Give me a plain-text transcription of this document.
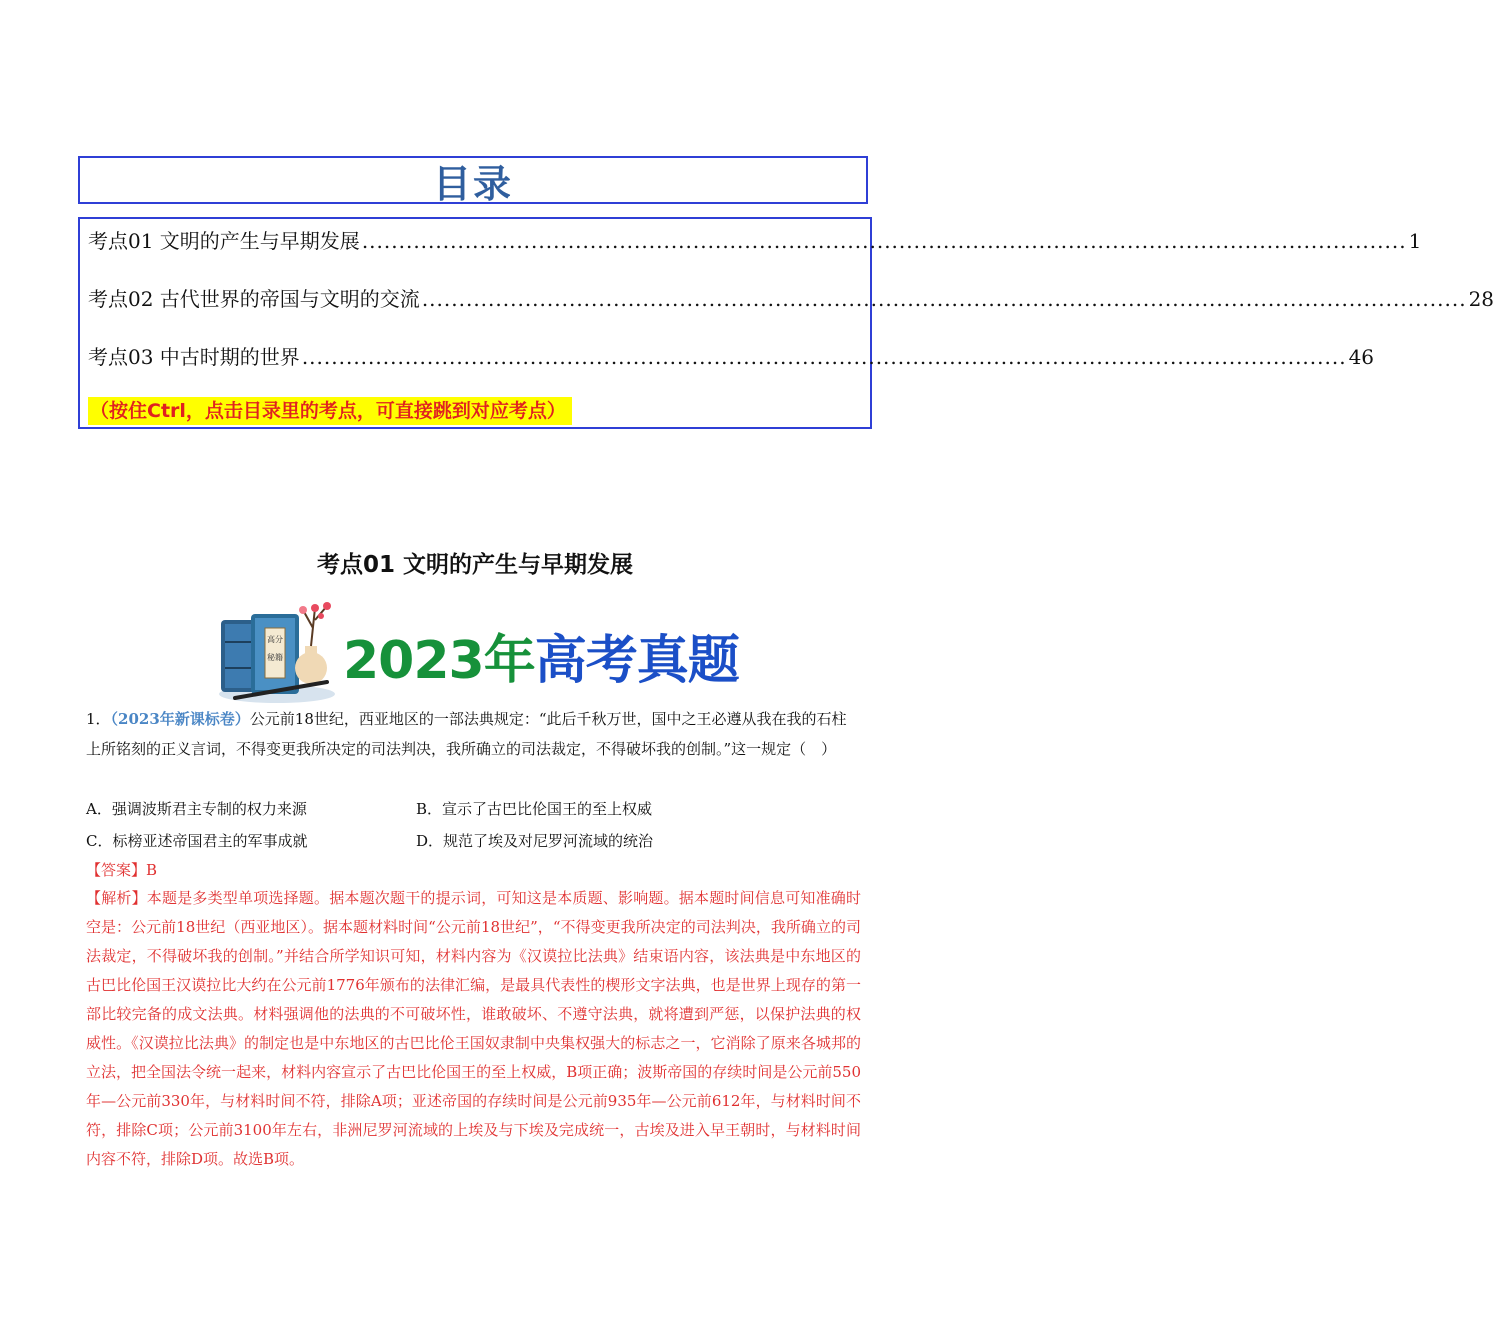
目录
考点01 文明的产生与早期发展 .............................................................................................................................................. 1
考点02 古代世界的帝国与文明的交流 .............................................................................................................................................. 28
考点03 中古时期的世界 .............................................................................................................................................. 46
（按住Ctrl，点击目录里的考点，可直接跳到对应考点）
考点01 文明的产生与早期发展
高分
秘籍 2023年高考真题
1．（2023年新课标卷）公元前18世纪，西亚地区的一部法典规定：“此后千秋万世，国中之王必遵从我在我的石柱上所铭刻的正义言词，不得变更我所决定的司法判决，我所确立的司法裁定，不得破坏我的创制。”这一规定（　）
A．强调波斯君主专制的权力来源	B．宣示了古巴比伦国王的至上权威
C．标榜亚述帝国君主的军事成就	D．规范了埃及对尼罗河流域的统治
【答案】B
【解析】本题是多类型单项选择题。据本题次题干的提示词，可知这是本质题、影响题。据本题时间信息可知准确时空是：公元前18世纪（西亚地区）。据本题材料时间“公元前18世纪”，“不得变更我所决定的司法判决，我所确立的司法裁定，不得破坏我的创制。”并结合所学知识可知，材料内容为《汉谟拉比法典》结束语内容，该法典是中东地区的古巴比伦国王汉谟拉比大约在公元前1776年颁布的法律汇编，是最具代表性的楔形文字法典，也是世界上现存的第一部比较完备的成文法典。材料强调他的法典的不可破坏性，谁敢破坏、不遵守法典，就将遭到严惩，以保护法典的权威性。《汉谟拉比法典》的制定也是中东地区的古巴比伦王国奴隶制中央集权强大的标志之一，它消除了原来各城邦的立法，把全国法令统一起来，材料内容宣示了古巴比伦国王的至上权威，B项正确；波斯帝国的存续时间是公元前550年—公元前330年，与材料时间不符，排除A项；亚述帝国的存续时间是公元前935年—公元前612年，与材料时间不符，排除C项；公元前3100年左右，非洲尼罗河流域的上埃及与下埃及完成统一，古埃及进入早王朝时，与材料时间内容不符，排除D项。故选B项。
